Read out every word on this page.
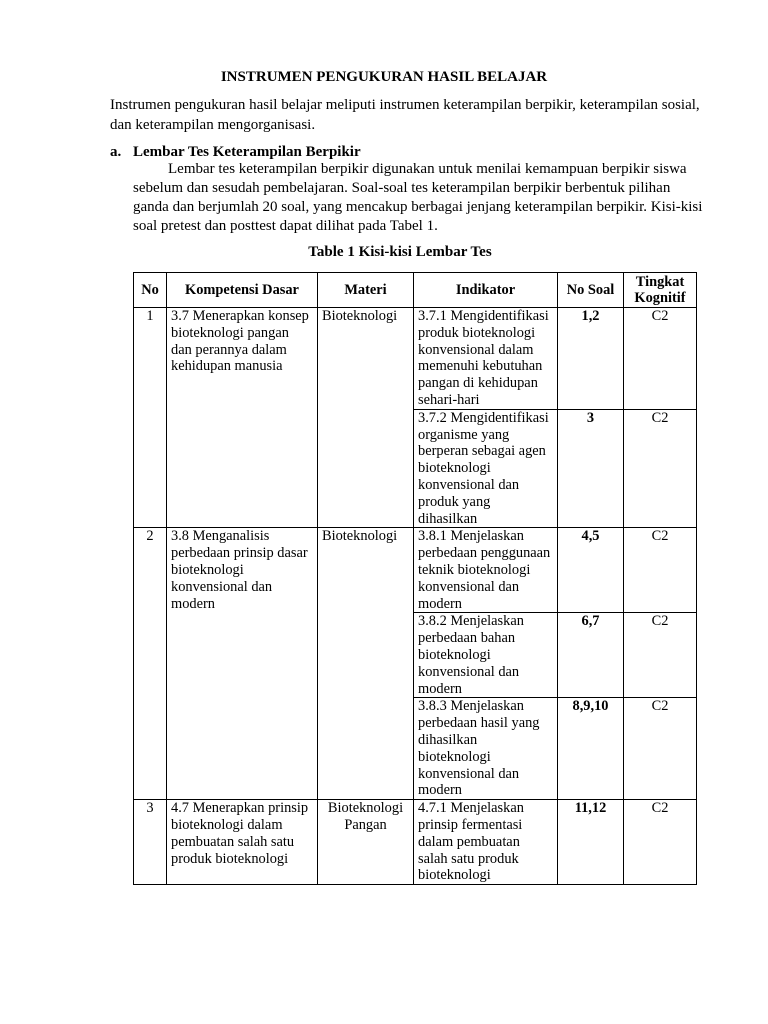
INSTRUMEN PENGUKURAN HASIL BELAJAR
Instrumen pengukuran hasil belajar meliputi instrumen keterampilan berpikir, keterampilan sosial, dan keterampilan mengorganisasi.
a. Lembar Tes Keterampilan Berpikir
Lembar tes keterampilan berpikir digunakan untuk menilai kemampuan berpikir siswa sebelum dan sesudah pembelajaran. Soal-soal tes keterampilan berpikir berbentuk pilihan ganda dan berjumlah 20 soal, yang mencakup berbagai jenjang keterampilan berpikir. Kisi-kisi soal pretest dan posttest dapat dilihat pada Tabel 1.
Table 1 Kisi-kisi Lembar Tes
No	Kompetensi Dasar	Materi	Indikator	No Soal	Tingkat Kognitif
1	3.7 Menerapkan konsep bioteknologi pangan dan perannya dalam kehidupan manusia	Bioteknologi	3.7.1 Mengidentifikasi produk bioteknologi konvensional dalam memenuhi kebutuhan pangan di kehidupan sehari-hari	1,2	C2
			3.7.2 Mengidentifikasi organisme yang berperan sebagai agen bioteknologi konvensional dan produk yang dihasilkan	3	C2
2	3.8 Menganalisis perbedaan prinsip dasar bioteknologi konvensional dan modern	Bioteknologi	3.8.1 Menjelaskan perbedaan penggunaan teknik bioteknologi konvensional dan modern	4,5	C2
			3.8.2 Menjelaskan perbedaan bahan bioteknologi konvensional dan modern	6,7	C2
			3.8.3 Menjelaskan perbedaan hasil yang dihasilkan bioteknologi konvensional dan modern	8,9,10	C2
3	4.7 Menerapkan prinsip bioteknologi dalam pembuatan salah satu produk bioteknologi	Bioteknologi Pangan	4.7.1 Menjelaskan prinsip fermentasi dalam pembuatan salah satu produk bioteknologi	11,12	C2
